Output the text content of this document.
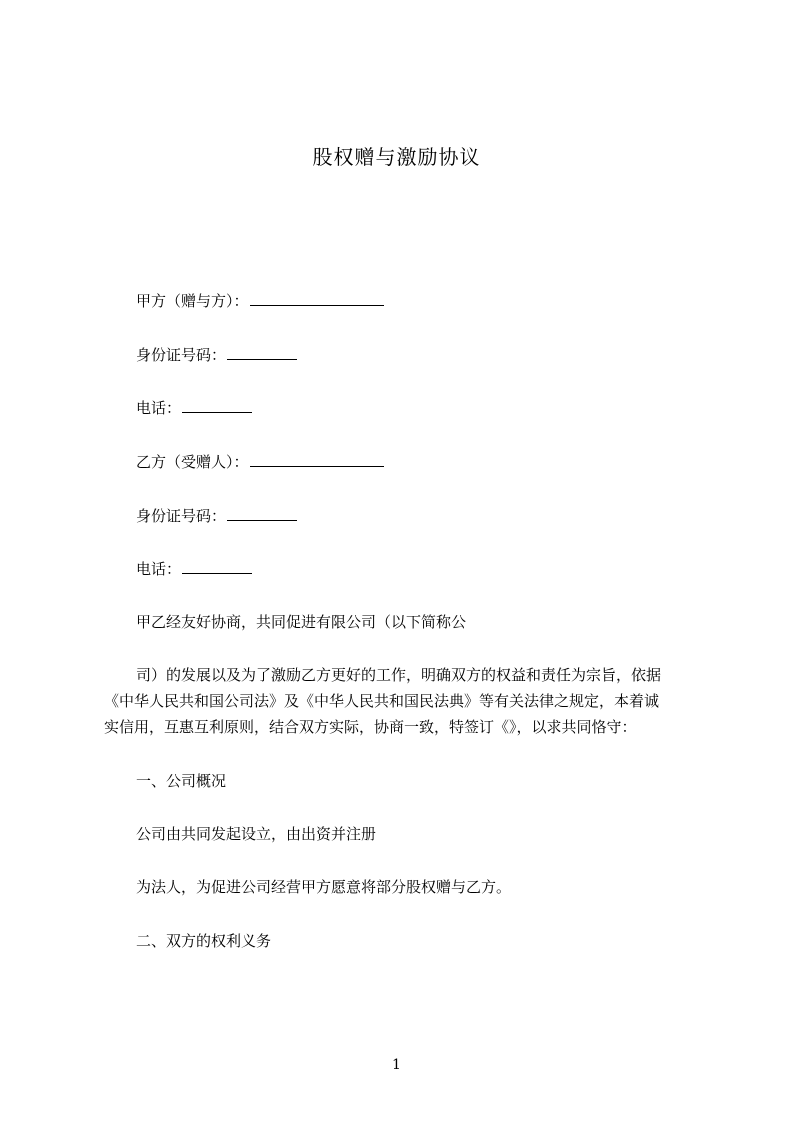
股权赠与激励协议
甲方（赠与方）：
身份证号码：
电话：
乙方（受赠人）：
身份证号码：
电话：
甲乙经友好协商，共同促进有限公司（以下简称公
司）的发展以及为了激励乙方更好的工作，明确双方的权益和责任为宗旨，依据
《中华人民共和国公司法》及《中华人民共和国民法典》等有关法律之规定，本着诚
实信用，互惠互利原则，结合双方实际，协商一致，特签订《》，以求共同恪守：
一、公司概况
公司由共同发起设立，由出资并注册
为法人，为促进公司经营甲方愿意将部分股权赠与乙方。
二、双方的权利义务
1
